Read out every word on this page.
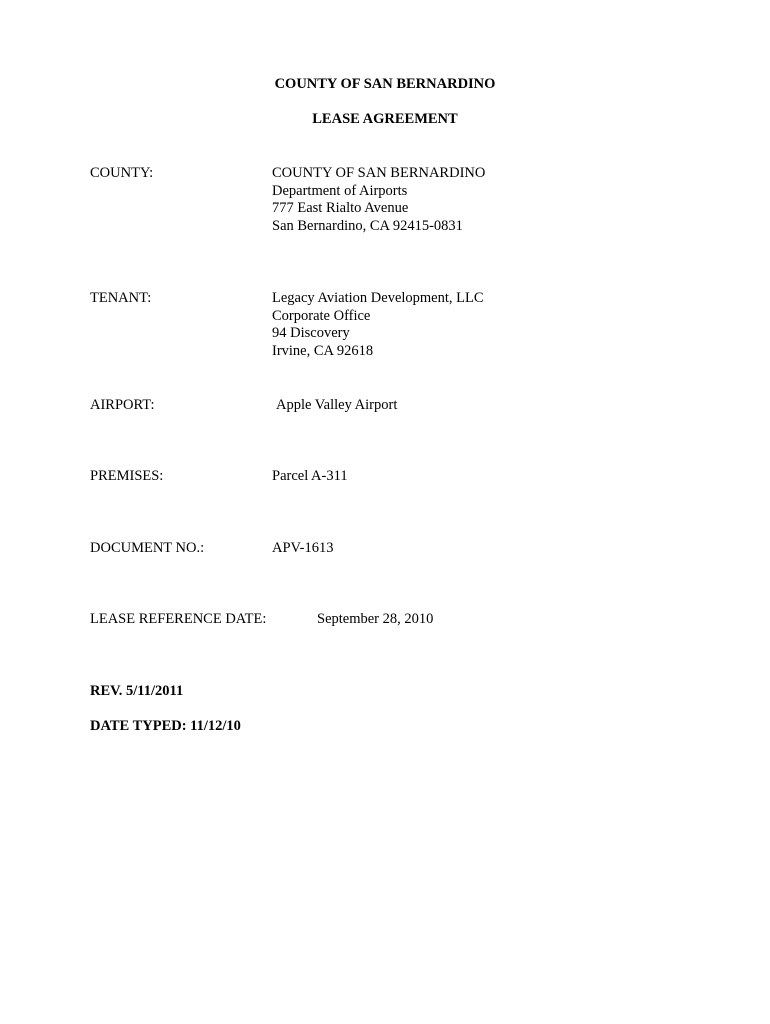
COUNTY OF SAN BERNARDINO
LEASE AGREEMENT
COUNTY:	COUNTY OF SAN BERNARDINO
Department of Airports
777 East Rialto Avenue
San Bernardino, CA 92415-0831
TENANT:	Legacy Aviation Development, LLC
Corporate Office
94 Discovery
Irvine, CA 92618
AIRPORT:	Apple Valley Airport
PREMISES:	Parcel A-311
DOCUMENT NO.:	APV-1613
LEASE REFERENCE DATE:	September 28, 2010
REV. 5/11/2011
DATE TYPED: 11/12/10
